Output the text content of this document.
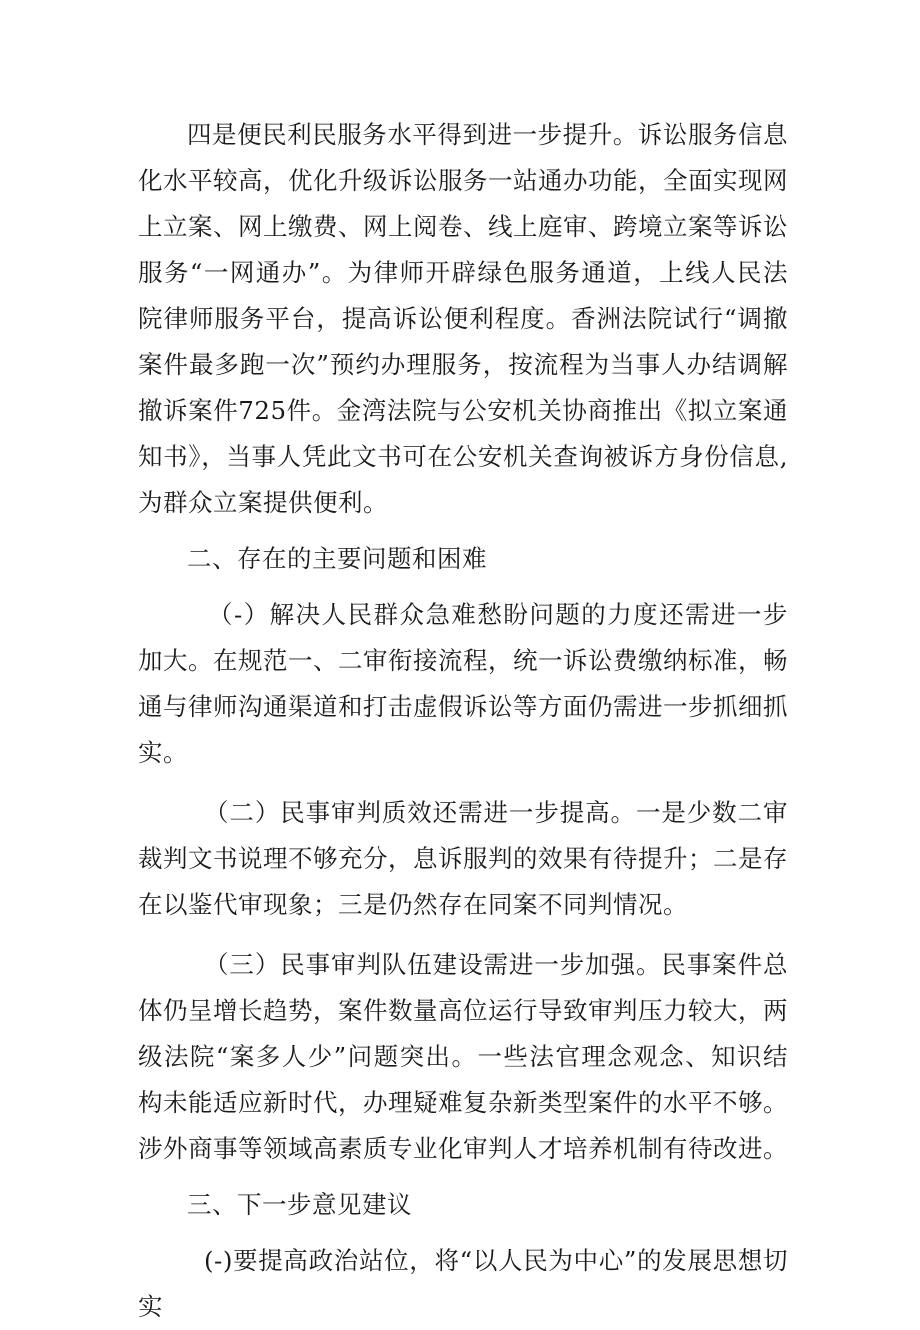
四是便民利民服务水平得到进一步提升。诉讼服务信息化水平较高，优化升级诉讼服务一站通办功能，全面实现网上立案、网上缴费、网上阅卷、线上庭审、跨境立案等诉讼服务“一网通办”。为律师开辟绿色服务通道，上线人民法院律师服务平台，提高诉讼便利程度。香洲法院试行“调撤案件最多跑一次”预约办理服务，按流程为当事人办结调解撤诉案件725件。金湾法院与公安机关协商推出《拟立案通知书》，当事人凭此文书可在公安机关查询被诉方身份信息,为群众立案提供便利。

二、存在的主要问题和困难

（-）解决人民群众急难愁盼问题的力度还需进一步加大。在规范一、二审衔接流程，统一诉讼费缴纳标准，畅通与律师沟通渠道和打击虚假诉讼等方面仍需进一步抓细抓实。

（二）民事审判质效还需进一步提高。一是少数二审裁判文书说理不够充分，息诉服判的效果有待提升；二是存在以鉴代审现象；三是仍然存在同案不同判情况。

（三）民事审判队伍建设需进一步加强。民事案件总体仍呈增长趋势，案件数量高位运行导致审判压力较大，两级法院“案多人少”问题突出。一些法官理念观念、知识结构未能适应新时代，办理疑难复杂新类型案件的水平不够。涉外商事等领域高素质专业化审判人才培养机制有待改进。

三、下一步意见建议

(-)要提高政治站位，将“以人民为中心”的发展思想切实
